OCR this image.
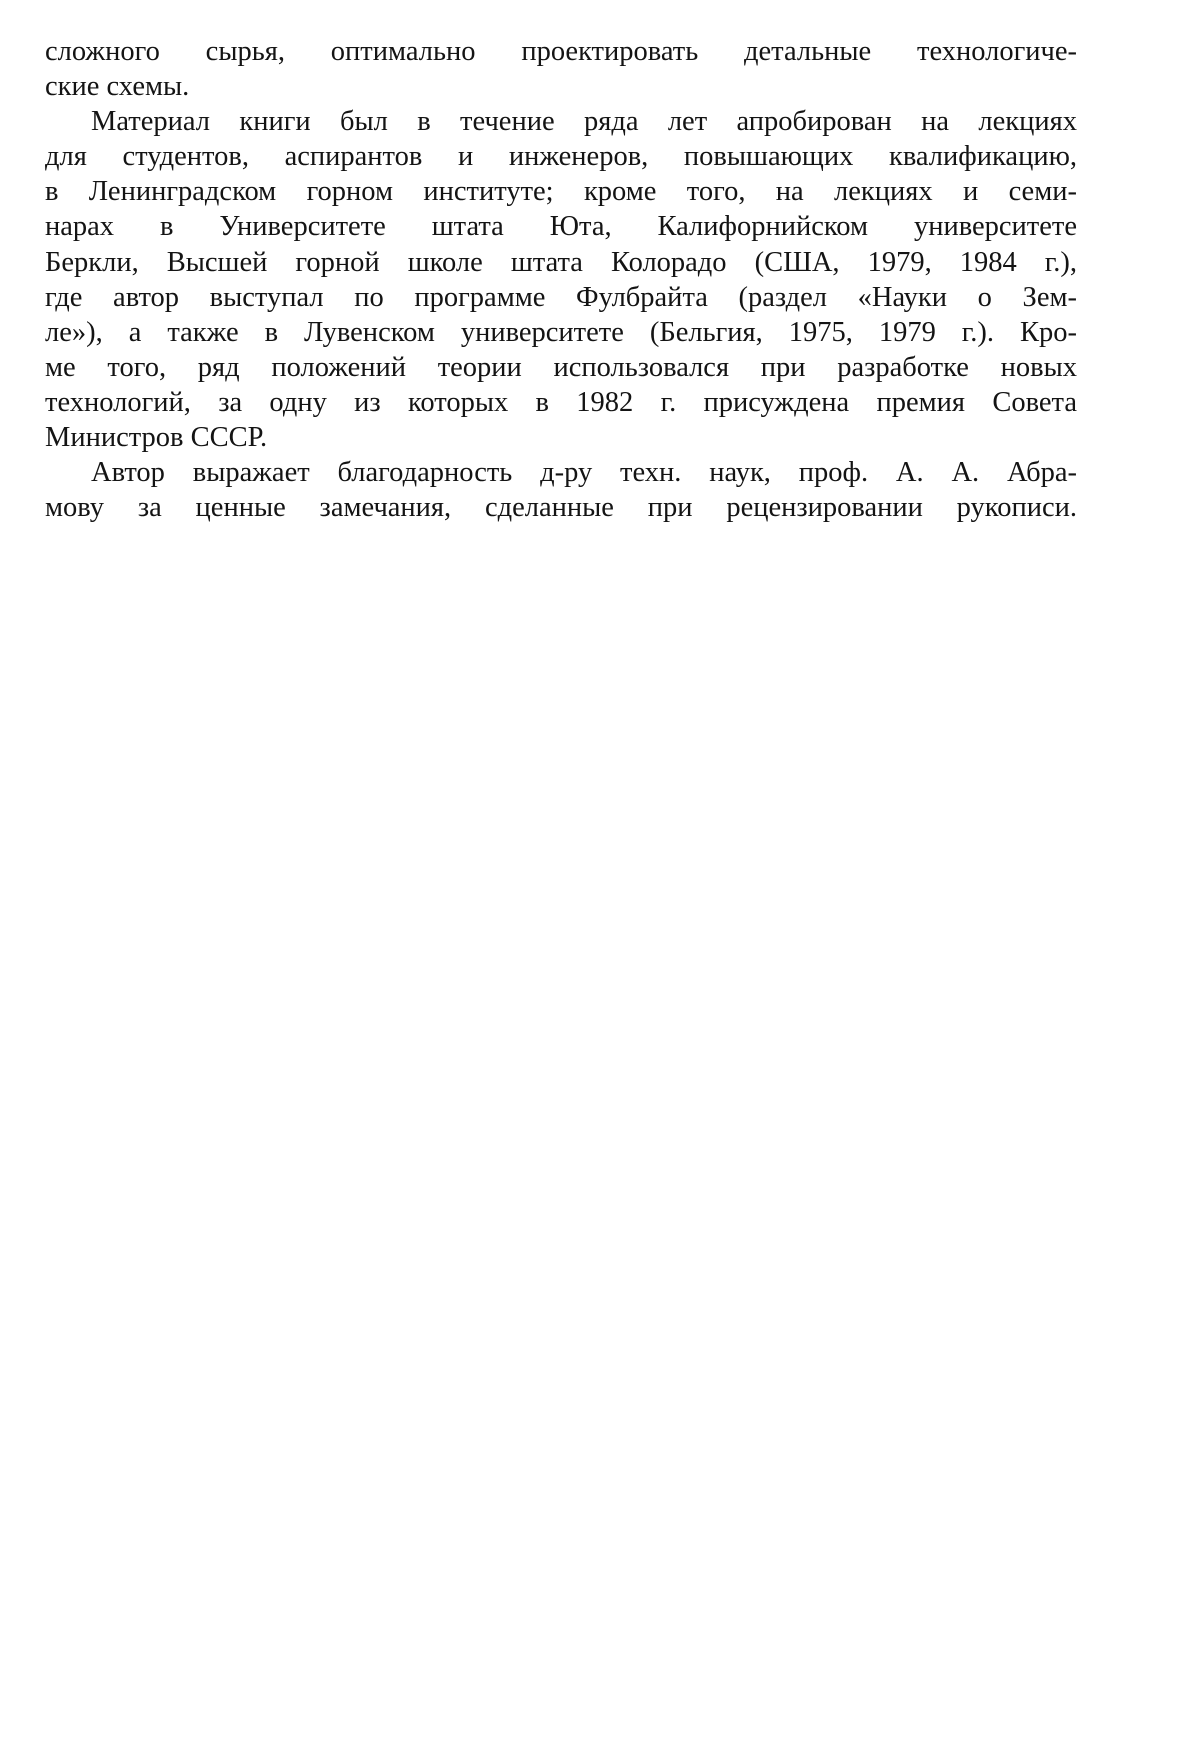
сложного сырья, оптимально проектировать детальные технологиче-
ские схемы.
Материал книги был в течение ряда лет апробирован на лекциях
для студентов, аспирантов и инженеров, повышающих квалификацию,
в Ленинградском горном институте; кроме того, на лекциях и семи-
нарах в Университете штата Юта, Калифорнийском университете
Беркли, Высшей горной школе штата Колорадо (США, 1979, 1984 г.),
где автор выступал по программе Фулбрайта (раздел «Науки о Зем-
ле»), а также в Лувенском университете (Бельгия, 1975, 1979 г.). Кро-
ме того, ряд положений теории использовался при разработке новых
технологий, за одну из которых в 1982 г. присуждена премия Совета
Министров СССР.
Автор выражает благодарность д-ру техн. наук, проф. А. А. Абра-
мову за ценные замечания, сделанные при рецензировании рукописи.
